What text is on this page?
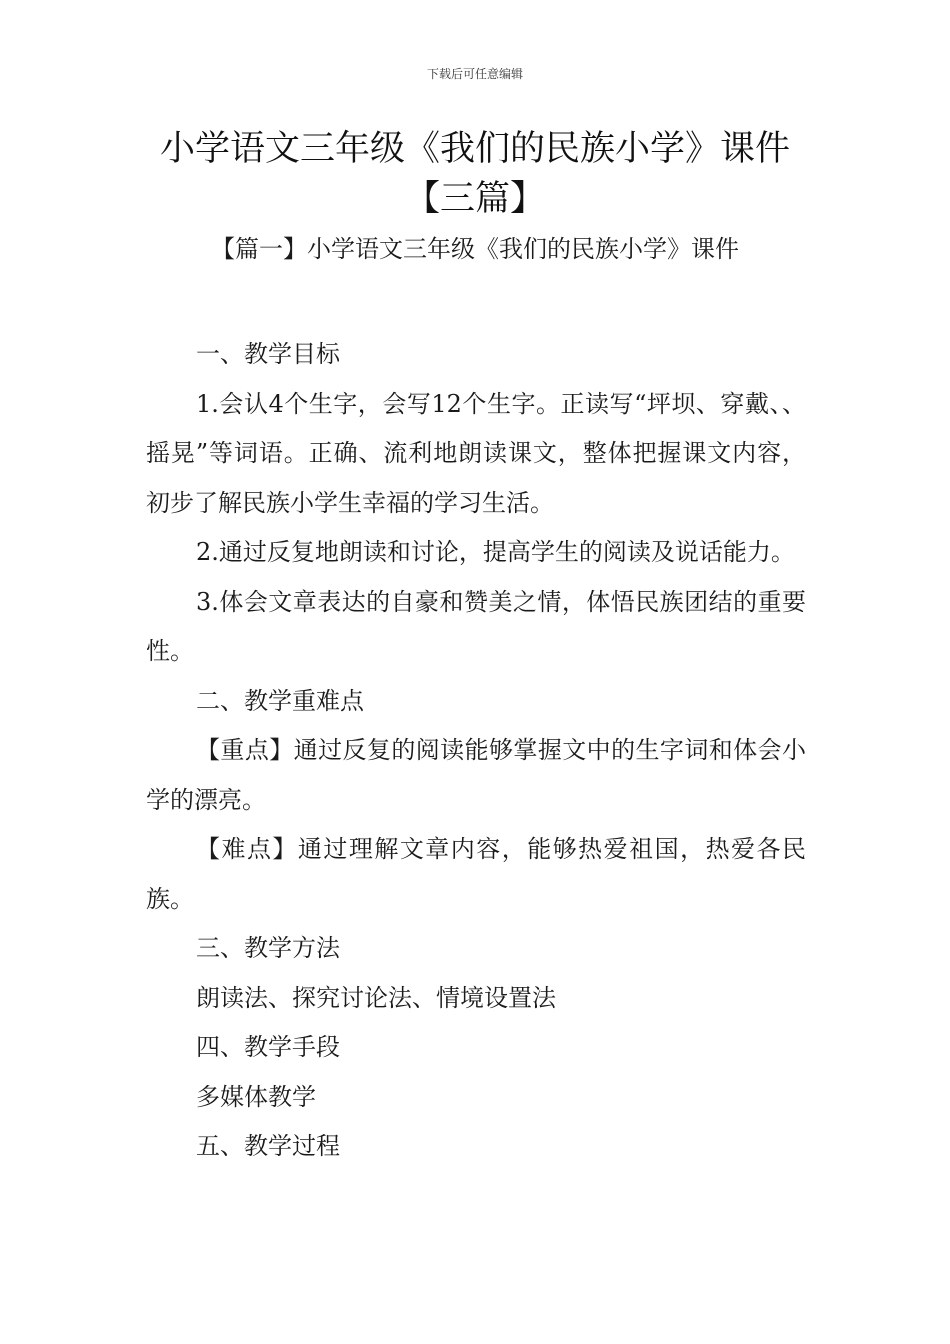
下载后可任意编辑
小学语文三年级《我们的民族小学》课件
【三篇】
【篇一】小学语文三年级《我们的民族小学》课件

一、教学目标

1.会认4个生字，会写12个生字。正读写“坪坝、穿戴、、摇晃”等词语。正确、流利地朗读课文，整体把握课文内容，初步了解民族小学生幸福的学习生活。

2.通过反复地朗读和讨论，提高学生的阅读及说话能力。

3.体会文章表达的自豪和赞美之情，体悟民族团结的重要性。

二、教学重难点

【重点】通过反复的阅读能够掌握文中的生字词和体会小学的漂亮。

【难点】通过理解文章内容，能够热爱祖国，热爱各民族。

三、教学方法

朗读法、探究讨论法、情境设置法

四、教学手段

多媒体教学

五、教学过程
